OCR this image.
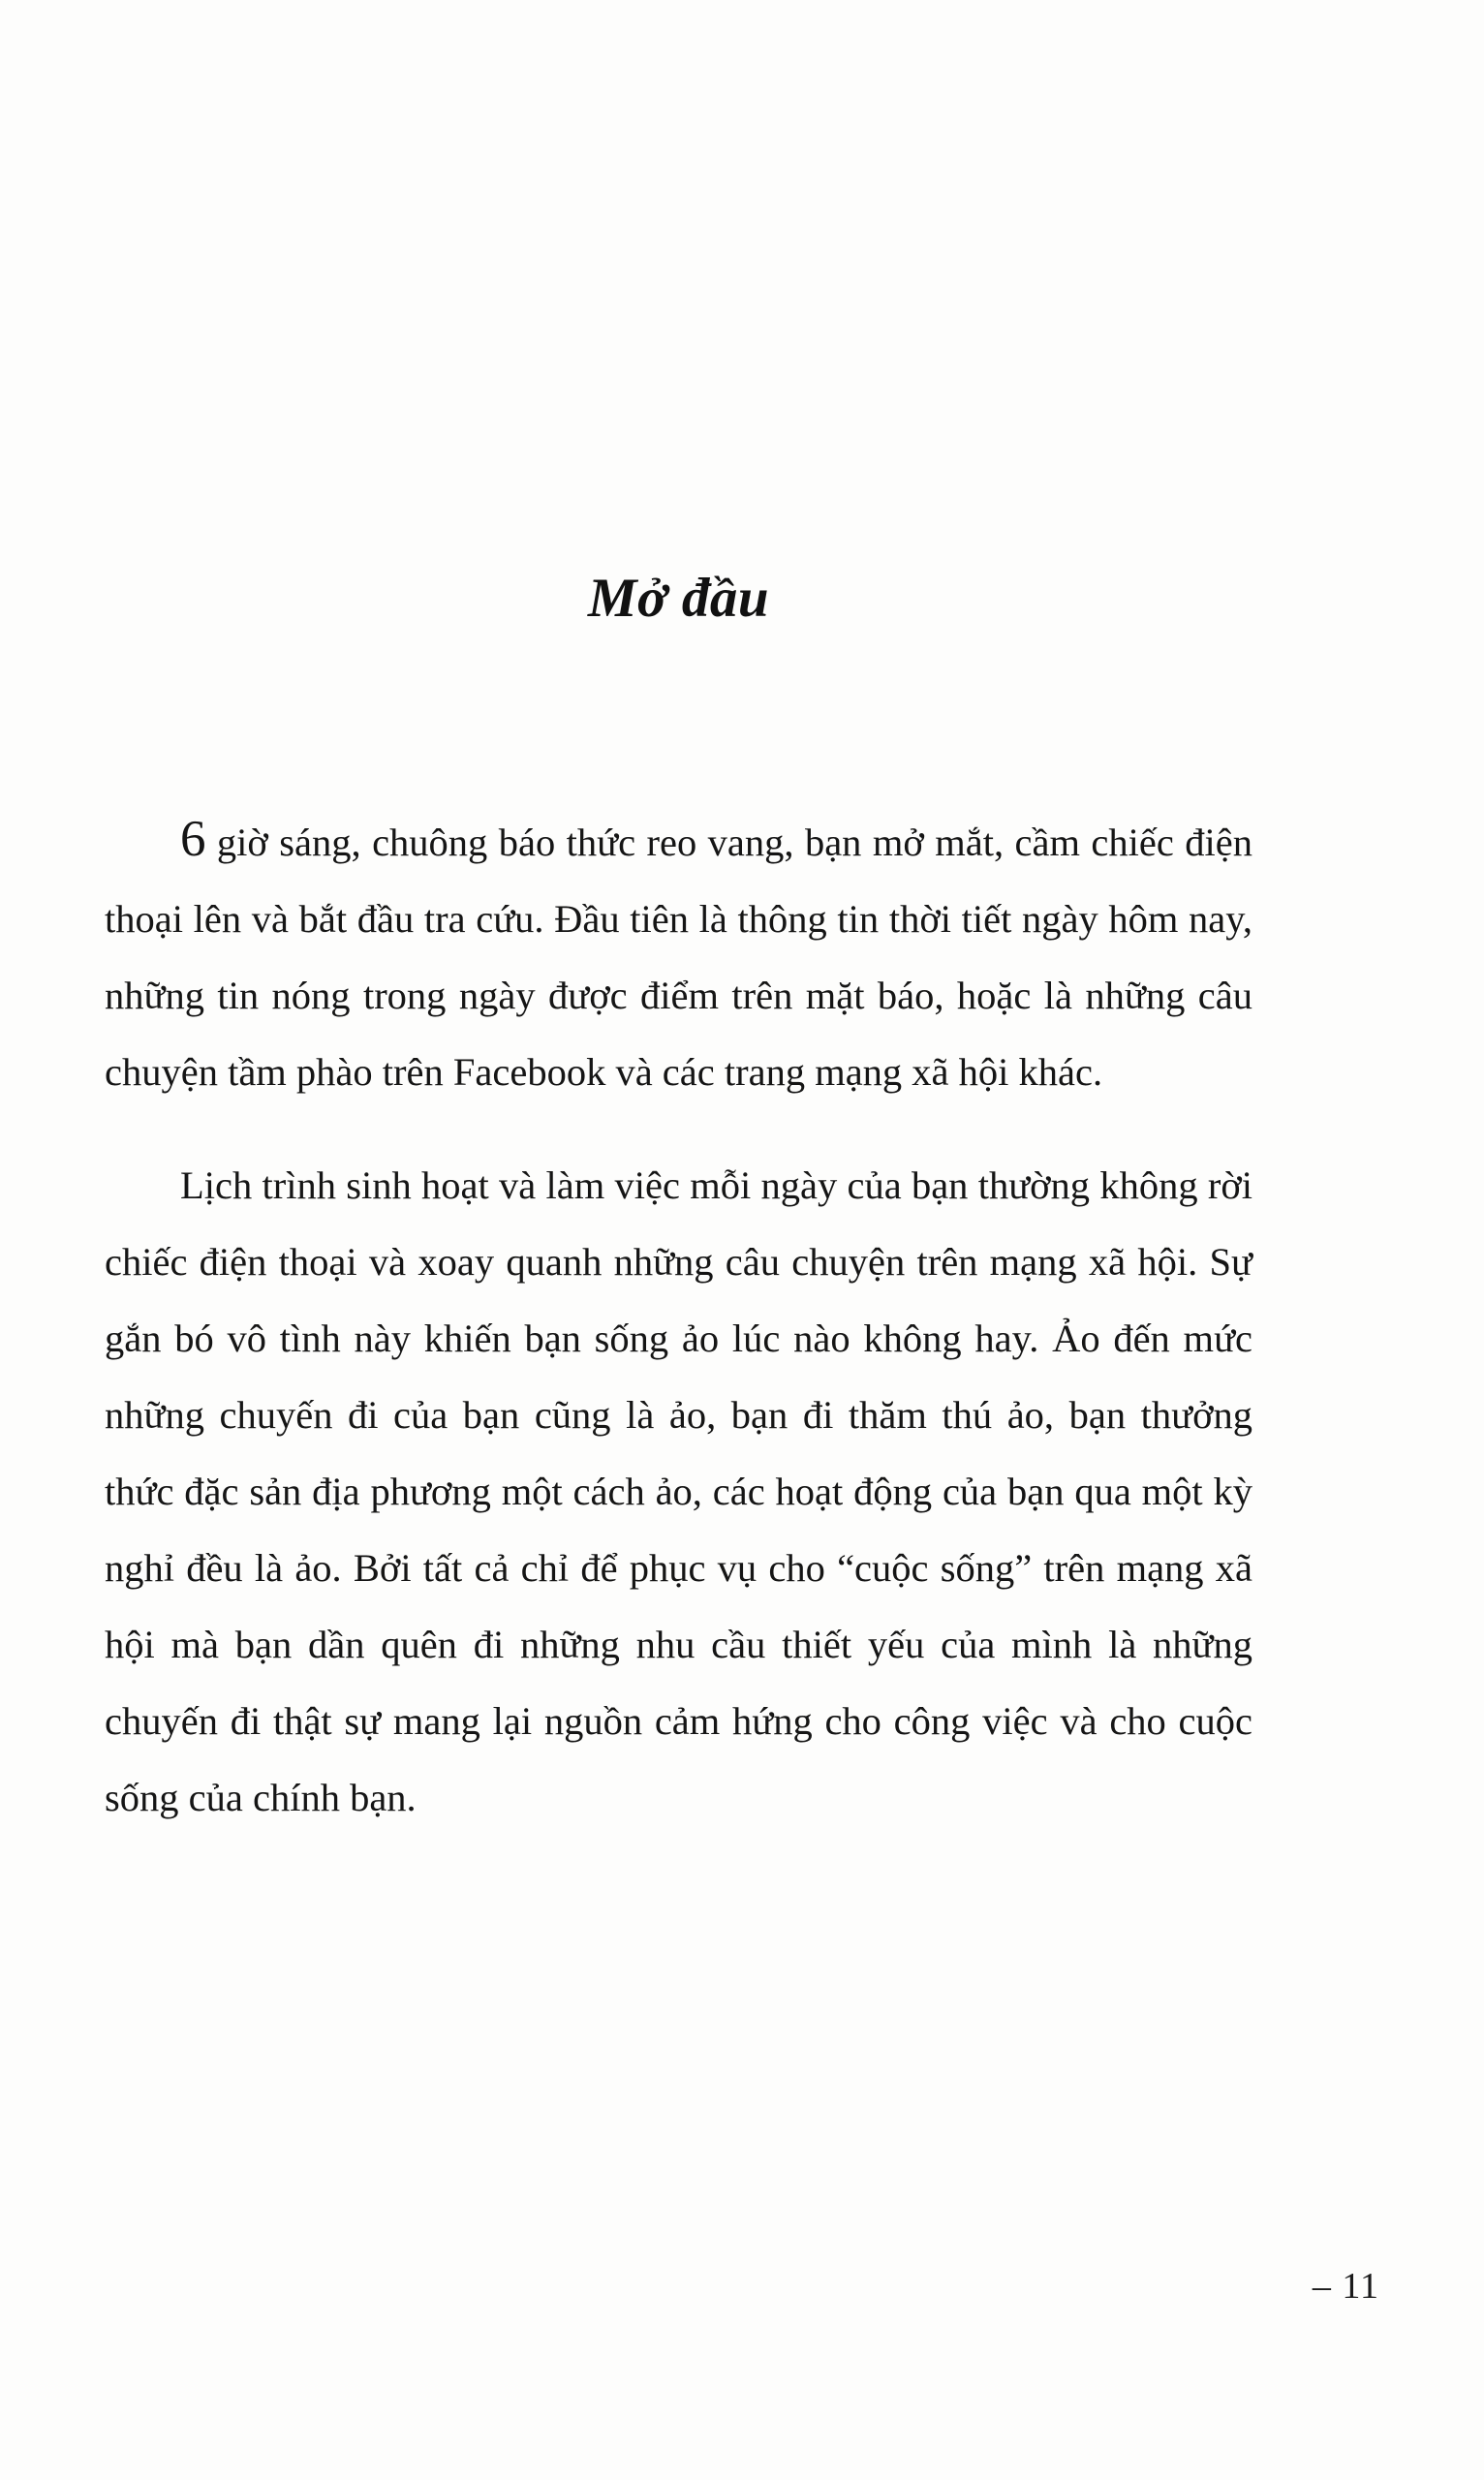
Mở đầu

6 giờ sáng, chuông báo thức reo vang, bạn mở mắt, cầm chiếc điện thoại lên và bắt đầu tra cứu. Đầu tiên là thông tin thời tiết ngày hôm nay, những tin nóng trong ngày được điểm trên mặt báo, hoặc là những câu chuyện tầm phào trên Facebook và các trang mạng xã hội khác.

Lịch trình sinh hoạt và làm việc mỗi ngày của bạn thường không rời chiếc điện thoại và xoay quanh những câu chuyện trên mạng xã hội. Sự gắn bó vô tình này khiến bạn sống ảo lúc nào không hay. Ảo đến mức những chuyến đi của bạn cũng là ảo, bạn đi thăm thú ảo, bạn thưởng thức đặc sản địa phương một cách ảo, các hoạt động của bạn qua một kỳ nghỉ đều là ảo. Bởi tất cả chỉ để phục vụ cho “cuộc sống” trên mạng xã hội mà bạn dần quên đi những nhu cầu thiết yếu của mình là những chuyến đi thật sự mang lại nguồn cảm hứng cho công việc và cho cuộc sống của chính bạn.

– 11
